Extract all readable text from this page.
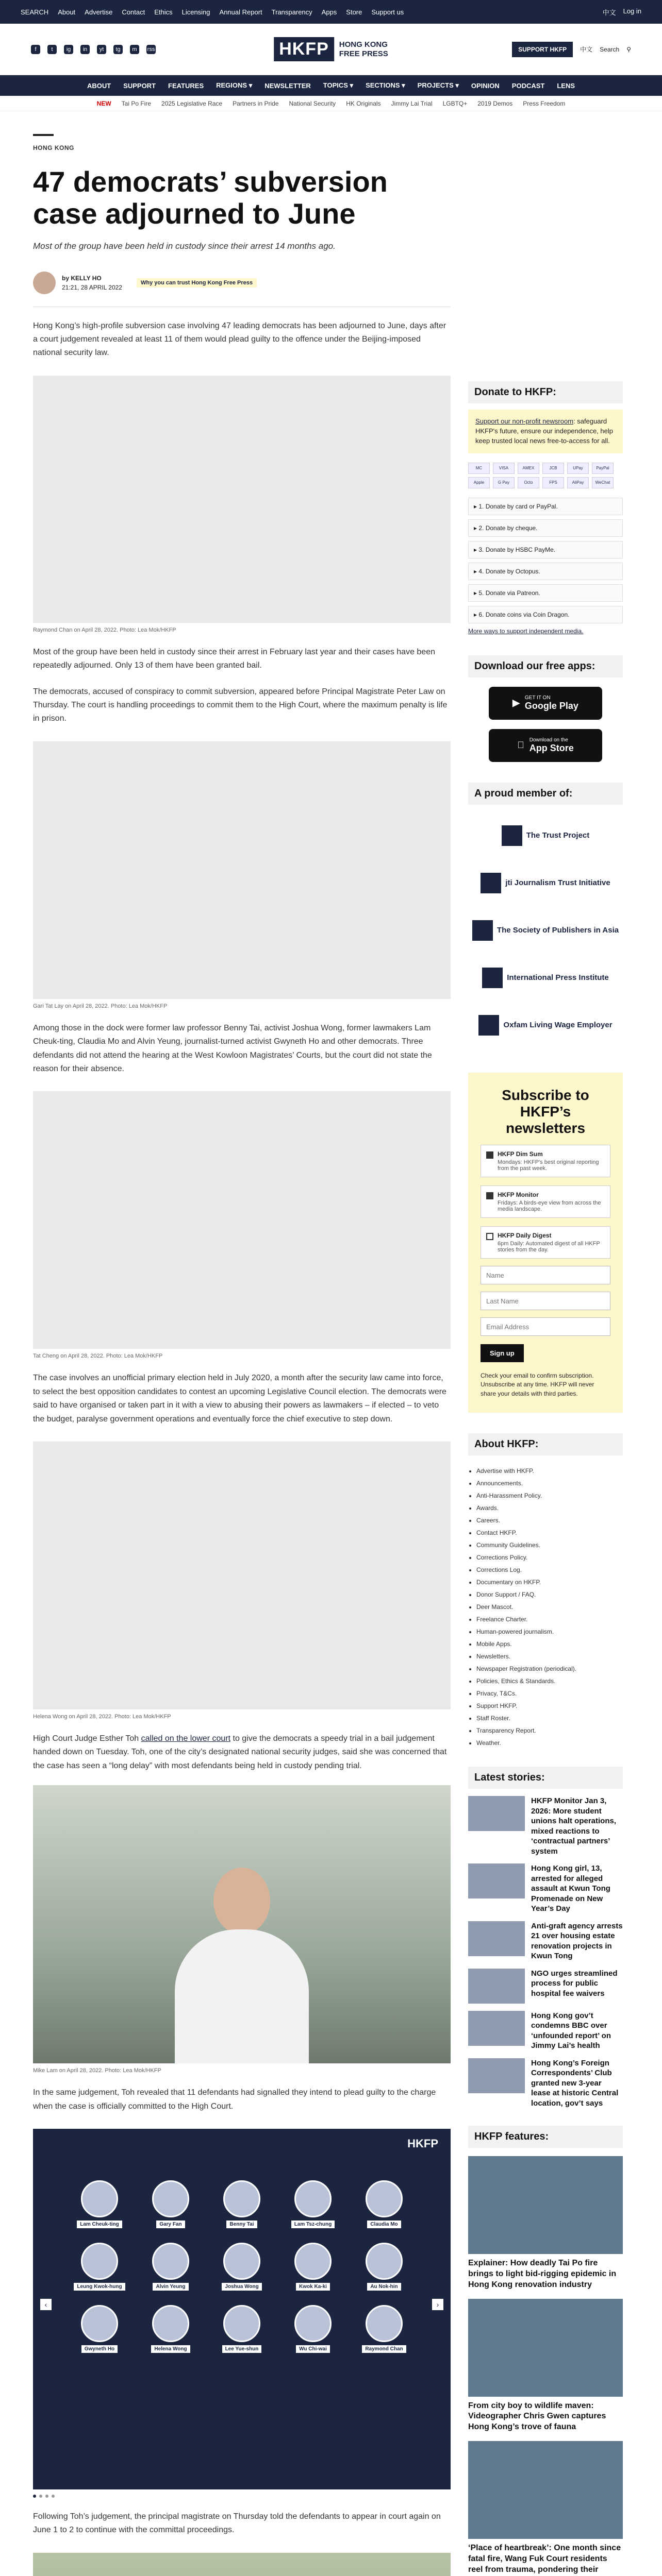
SEARCH About Advertise Contact Ethics Licensing Annual Report Transparency Apps Store Support us	中文 Log in
f	t	ig	in	yt	tg	m	rss	HKFP	HONG KONG
FREE PRESS	SUPPORT HKFP	中文 Search ⚲
ABOUT SUPPORT FEATURES REGIONS ▾ NEWSLETTER TOPICS ▾ SECTIONS ▾ PROJECTS ▾ OPINION PODCAST LENS
NEW Tai Po Fire 2025 Legislative Race Partners in Pride National Security HK Originals Jimmy Lai Trial LGBTQ+ 2019 Demos Press Freedom
HONG KONG
47 democrats’ subversion case adjourned to June
Most of the group have been held in custody since their arrest 14 months ago.
by KELLY HO
21:21, 28 APRIL 2022
Why you can trust Hong Kong Free Press

Hong Kong’s high-profile subversion case involving 47 leading democrats has been adjourned to June, days after a court judgement revealed at least 11 of them would plead guilty to the offence under the Beijing-imposed national security law.

Raymond Chan on April 28, 2022. Photo: Lea Mok/HKFP

Most of the group have been held in custody since their arrest in February last year and their cases have been repeatedly adjourned. Only 13 of them have been granted bail.

The democrats, accused of conspiracy to commit subversion, appeared before Principal Magistrate Peter Law on Thursday. The court is handling proceedings to commit them to the High Court, where the maximum penalty is life in prison.

Gari Tat Lay on April 28, 2022. Photo: Lea Mok/HKFP

Among those in the dock were former law professor Benny Tai, activist Joshua Wong, former lawmakers Lam Cheuk-ting, Claudia Mo and Alvin Yeung, journalist-turned activist Gwyneth Ho and other democrats. Three defendants did not attend the hearing at the West Kowloon Magistrates’ Courts, but the court did not state the reason for their absence.

Tat Cheng on April 28, 2022. Photo: Lea Mok/HKFP

The case involves an unofficial primary election held in July 2020, a month after the security law came into force, to select the best opposition candidates to contest an upcoming Legislative Council election. The democrats were said to have organised or taken part in it with a view to abusing their powers as lawmakers – if elected – to veto the budget, paralyse government operations and eventually force the chief executive to step down.

Helena Wong on April 28, 2022. Photo: Lea Mok/HKFP

High Court Judge Esther Toh called on the lower court to give the democrats a speedy trial in a bail judgement handed down on Tuesday. Toh, one of the city’s designated national security judges, said she was concerned that the case has seen a “long delay” with most defendants being held in custody pending trial.

Mike Lam on April 28, 2022. Photo: Lea Mok/HKFP

In the same judgement, Toh revealed that 11 defendants had signalled they intend to plead guilty to the charge when the case is officially committed to the High Court.

HKFP
‹	›
Lam Cheuk-ting	Gary Fan	Benny Tai	Lam Tsz-chung	Claudia Mo
Leung Kwok-hung	Alvin Yeung	Joshua Wong	Kwok Ka-ki	Au Nok-hin
Gwyneth Ho	Helena Wong	Lee Yue-shun	Wu Chi-wai	Raymond Chan

Following Toh’s judgement, the principal magistrate on Thursday told the defendants to appear in court again on June 1 to 2 to continue with the committal proceedings.

Donate to HKFP:
Support our non-profit newsroom: safeguard HKFP's future, ensure our independence, help keep trusted local news free-to-access for all.
MC	VISA	AMEX	JCB	UPay	PayPal
Apple	G Pay	Octo	FPS	AliPay	WeChat
▸ 1. Donate by card or PayPal.
▸ 2. Donate by cheque.
▸ 3. Donate by HSBC PayMe.
▸ 4. Donate by Octopus.
▸ 5. Donate via Patreon.
▸ 6. Donate coins via Coin Dragon.
More ways to support independent media.
Download our free apps:
▶ GET IT ON
Google Play
Download on the
App Store
A proud member of:
The Trust Project
jti Journalism Trust Initiative
The Society of Publishers in Asia
International Press Institute
Oxfam Living Wage Employer
Subscribe to HKFP’s newsletters
HKFP Dim Sum
Mondays: HKFP's best original reporting from the past week.
HKFP Monitor
Fridays: A birds-eye view from across the media landscape.
HKFP Daily Digest
6pm Daily: Automated digest of all HKFP stories from the day.
Name Last Name Email Address Sign up

Check your email to confirm subscription. Unsubscribe at any time. HKFP will never share your details with third parties.

About HKFP:
• Advertise with HKFP.
• Announcements.
• Anti-Harassment Policy.
• Awards.
• Careers.
• Contact HKFP.
• Community Guidelines.
• Corrections Policy.
• Corrections Log.
• Documentary on HKFP.
• Donor Support / FAQ.
• Deer Mascot.
• Freelance Charter.
• Human-powered journalism.
• Mobile Apps.
• Newsletters.
• Newspaper Registration (periodical).
• Policies, Ethics & Standards.
• Privacy, T&Cs.
• Support HKFP.
• Staff Roster.
• Transparency Report.
• Weather.
Latest stories:
HKFP Monitor Jan 3, 2026: More student unions halt operations, mixed reactions to ‘contractual partners’ system
Hong Kong girl, 13, arrested for alleged assault at Kwun Tong Promenade on New Year’s Day
Anti-graft agency arrests 21 over housing estate renovation projects in Kwun Tong
NGO urges streamlined process for public hospital fee waivers
Hong Kong gov’t condemns BBC over ‘unfounded report’ on Jimmy Lai’s health
Hong Kong’s Foreign Correspondents’ Club granted new 3-year lease at historic Central location, gov’t says
HKFP features:
Explainer: How deadly Tai Po fire brings to light bid-rigging epidemic in Hong Kong renovation industry
From city boy to wildlife maven: Videographer Chris Gwen captures Hong Kong’s trove of fauna
‘Place of heartbreak’: One month since fatal fire, Wang Fuk Court residents reel from trauma, pondering their
